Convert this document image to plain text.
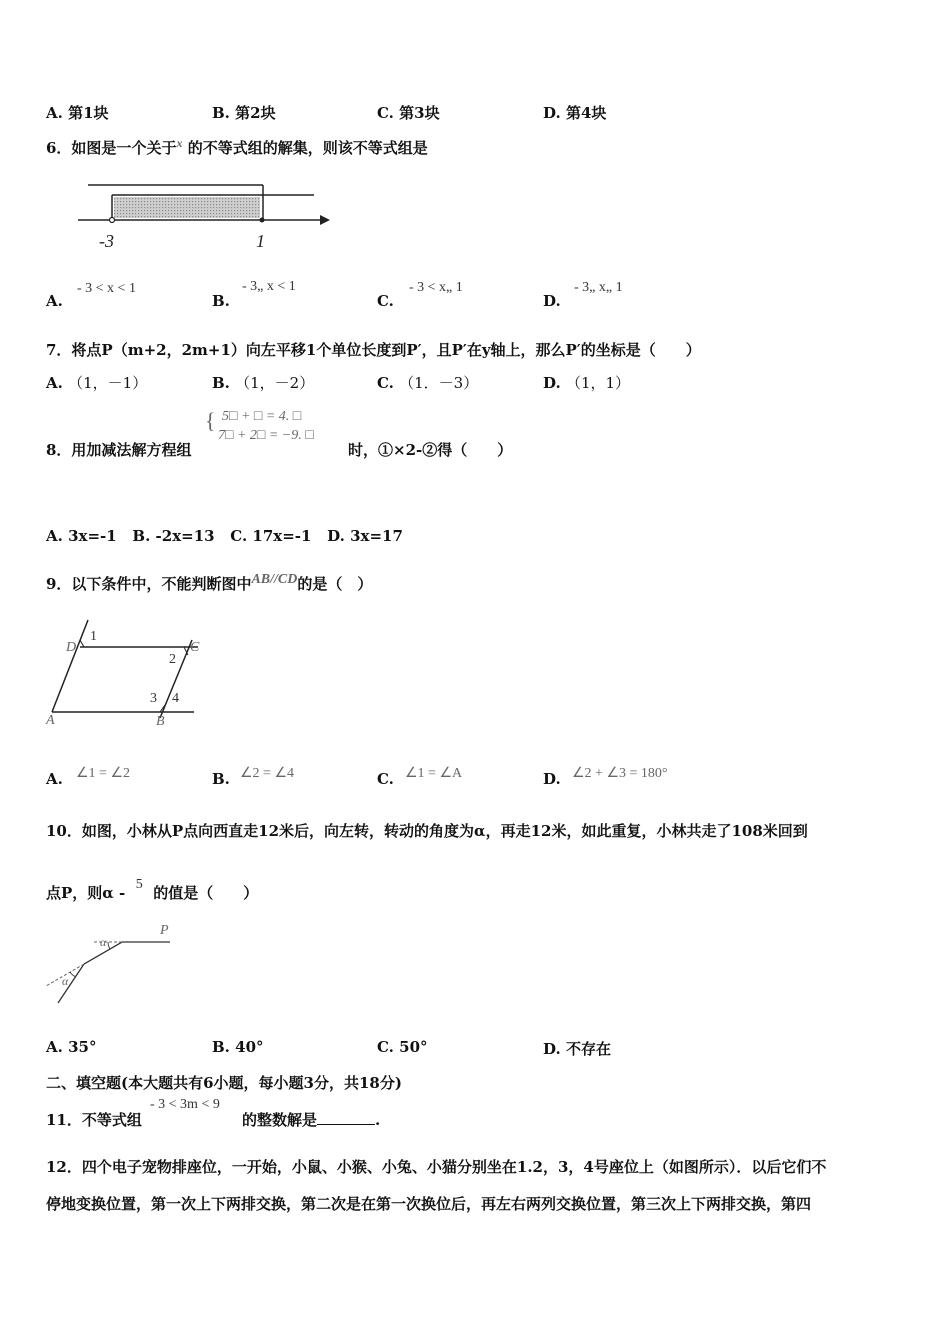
A. 第1块	B. 第2块	C. 第3块	D. 第4块
6．如图是一个关于$^x$ 的不等式组的解集，则该不等式组是
-3	1
A.
- 3 < x < 1
B.
- 3„ x < 1
C.
- 3 < x„ 1
D.
- 3„ x„ 1
7．将点P（m+2，2m+1）向左平移1个单位长度到P′，且P′在y轴上，那么P′的坐标是（　　）
A. （1，－1）	B. （1，－2）	C. （1．－3）	D. （1，1）
8．用加减法解方程组
{ 5□ + □ = 4. □
7□ + 2□ = −9. □
时，①×2-②得（　　）
A. 3x=-1 B. -2x=13 C. 17x=-1 D. 3x=17
9．以下条件中，不能判断图中AB//CD的是（　）
D
1
C
2
3 4
A	B
A. ∠1 = ∠2	B. ∠2 = ∠4	C. ∠1 = ∠A	D. ∠2 + ∠3 = 180°
10．如图，小林从P点向西直走12米后，向左转，转动的角度为α，再走12米，如此重复，小林共走了108米回到
点P，则α - 5 的值是（　　）
P
α
α
A. 35°	B. 40°	C. 50°	D. 不存在
二、填空题(本大题共有6小题，每小题3分，共18分)
11．不等式组
- 3 < 3m < 9
的整数解是	.
12．四个电子宠物排座位，一开始，小鼠、小猴、小兔、小猫分别坐在1.2，3，4号座位上（如图所示）．以后它们不
停地变换位置，第一次上下两排交换，第二次是在第一次换位后，再左右两列交换位置，第三次上下两排交换，第四
